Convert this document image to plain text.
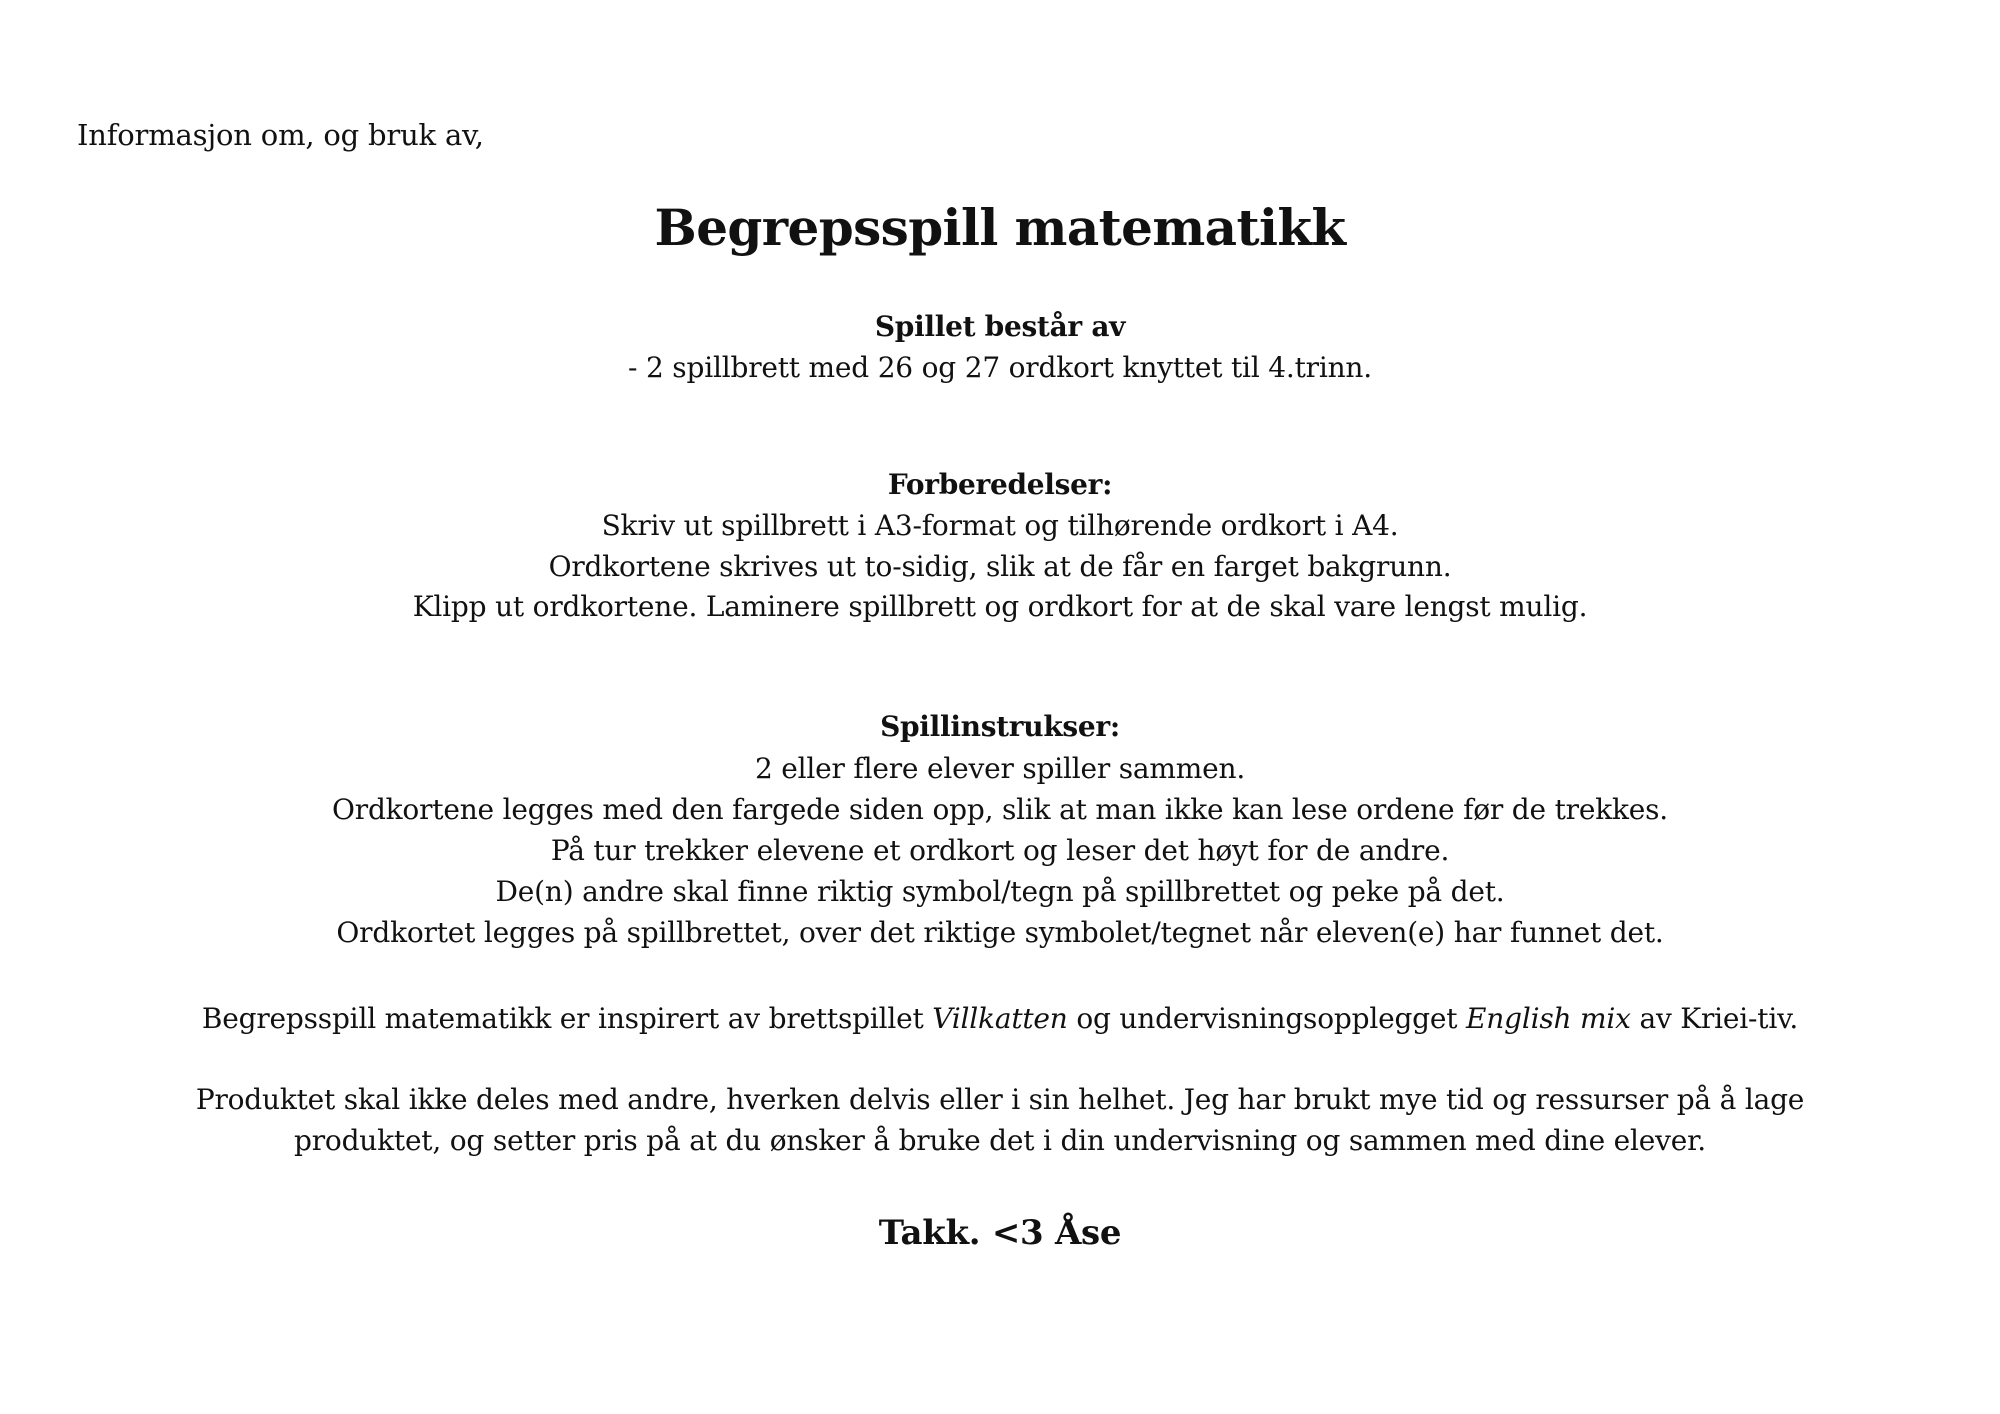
Informasjon om, og bruk av,

Begrepsspill matematikk
Spillet består av

- 2 spillbrett med 26 og 27 ordkort knyttet til 4.trinn.

Forberedelser:

Skriv ut spillbrett i A3-format og tilhørende ordkort i A4.

Ordkortene skrives ut to-sidig, slik at de får en farget bakgrunn.

Klipp ut ordkortene. Laminere spillbrett og ordkort for at de skal vare lengst mulig.

Spillinstrukser:

2 eller flere elever spiller sammen.

Ordkortene legges med den fargede siden opp, slik at man ikke kan lese ordene før de trekkes.

På tur trekker elevene et ordkort og leser det høyt for de andre.

De(n) andre skal finne riktig symbol/tegn på spillbrettet og peke på det.

Ordkortet legges på spillbrettet, over det riktige symbolet/tegnet når eleven(e) har funnet det.

Begrepsspill matematikk er inspirert av brettspillet Villkatten og undervisningsopplegget English mix av Kriei-tiv.

Produktet skal ikke deles med andre, hverken delvis eller i sin helhet. Jeg har brukt mye tid og ressurser på å lage

produktet, og setter pris på at du ønsker å bruke det i din undervisning og sammen med dine elever.

Takk. <3 Åse
